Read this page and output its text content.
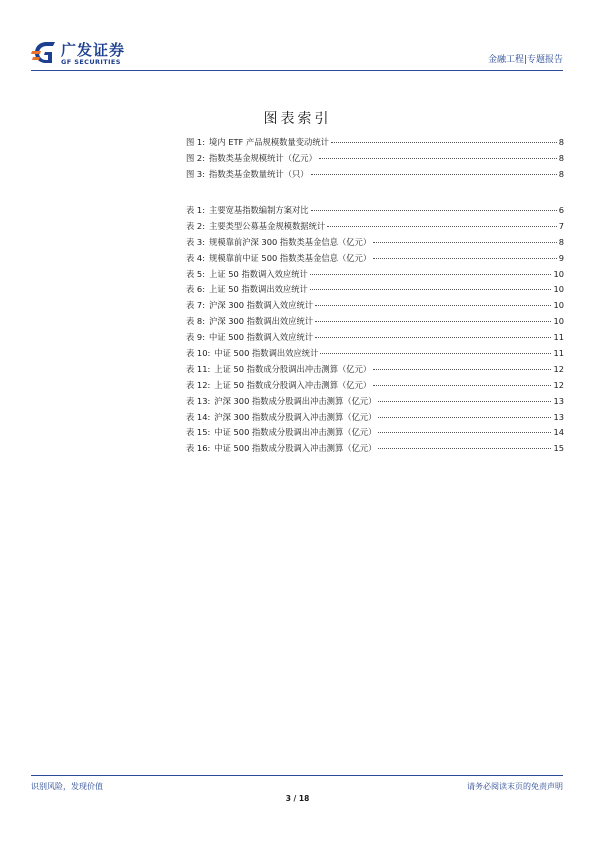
广发证券
GF SECURITIES	金融工程|专题报告
图表索引
图 1: 境内 ETF 产品规模数量变动统计	8
图 2: 指数类基金规模统计（亿元）	8
图 3: 指数类基金数量统计（只）	8
表 1: 主要宽基指数编制方案对比	6
表 2: 主要类型公募基金规模数据统计	7
表 3: 规模靠前沪深 300 指数类基金信息（亿元）	8
表 4: 规模靠前中证 500 指数类基金信息（亿元）	9
表 5: 上证 50 指数调入效应统计	10
表 6: 上证 50 指数调出效应统计	10
表 7: 沪深 300 指数调入效应统计	10
表 8: 沪深 300 指数调出效应统计	10
表 9: 中证 500 指数调入效应统计	11
表 10: 中证 500 指数调出效应统计	11
表 11: 上证 50 指数成分股调出冲击测算（亿元）	12
表 12: 上证 50 指数成分股调入冲击测算（亿元）	12
表 13: 沪深 300 指数成分股调出冲击测算（亿元）	13
表 14: 沪深 300 指数成分股调入冲击测算（亿元）	13
表 15: 中证 500 指数成分股调出冲击测算（亿元）	14
表 16: 中证 500 指数成分股调入冲击测算（亿元）	15
识别风险，发现价值	请务必阅读末页的免责声明
3 / 18
